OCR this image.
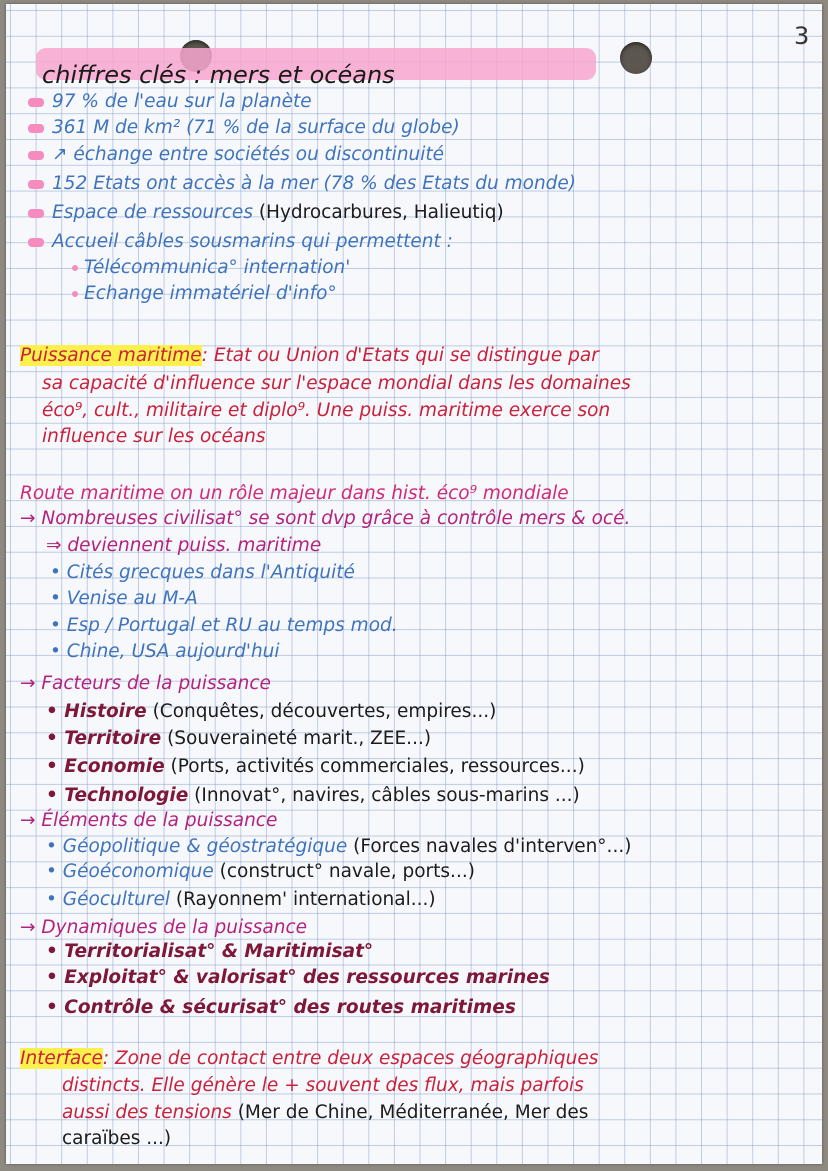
3
chiffres clés : mers et océans
97 % de l'eau sur la planète
361 M de km² (71 % de la surface du globe)
↗ échange entre sociétés ou discontinuité
152 Etats ont accès à la mer (78 % des Etats du monde)
Espace de ressources (Hydrocarbures, Halieutiq)
Accueil câbles sousmarins qui permettent :
Télécommunica° internation'
Echange immatériel d'info°
Puissance maritime: Etat ou Union d'Etats qui se distingue par
sa capacité d'influence sur l'espace mondial dans les domaines
éco⁹, cult., militaire et diplo⁹. Une puiss. maritime exerce son
influence sur les océans
Route maritime on un rôle majeur dans hist. éco⁹ mondiale
→ Nombreuses civilisat° se sont dvp grâce à contrôle mers & océ.
⇒ deviennent puiss. maritime
• Cités grecques dans l'Antiquité
• Venise au M-A
• Esp / Portugal et RU au temps mod.
• Chine, USA aujourd'hui
→ Facteurs de la puissance
• Histoire (Conquêtes, découvertes, empires...)
• Territoire (Souveraineté marit., ZEE...)
• Economie (Ports, activités commerciales, ressources...)
• Technologie (Innovat°, navires, câbles sous-marins ...)
→ Éléments de la puissance
• Géopolitique & géostratégique (Forces navales d'interven°...)
• Géoéconomique (construct° navale, ports...)
• Géoculturel (Rayonnem' international...)
→ Dynamiques de la puissance
• Territorialisat° & Maritimisat°
• Exploitat° & valorisat° des ressources marines
• Contrôle & sécurisat° des routes maritimes
Interface: Zone de contact entre deux espaces géographiques
distincts. Elle génère le + souvent des flux, mais parfois
aussi des tensions (Mer de Chine, Méditerranée, Mer des
caraïbes ...)
